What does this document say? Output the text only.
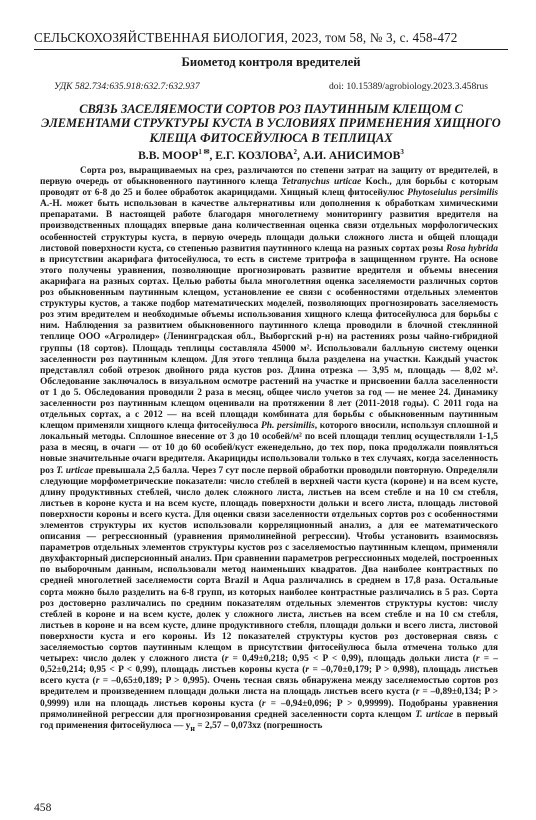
СЕЛЬСКОХОЗЯЙСТВЕННАЯ БИОЛОГИЯ, 2023, том 58, № 3, с. 458-472
Биометод контроля вредителей
УДК 582.734:635.918:632.7:632.937	doi: 10.15389/agrobiology.2023.3.458rus
СВЯЗЬ ЗАСЕЛЯЕМОСТИ СОРТОВ РОЗ ПАУТИННЫМ КЛЕЩОМ С ЭЛЕМЕНТАМИ СТРУКТУРЫ КУСТА В УСЛОВИЯХ ПРИМЕНЕНИЯ ХИЩНОГО КЛЕЩА ФИТОСЕЙУЛЮСА В ТЕПЛИЦАХ
В.В. $МООР^{1 ✉}$, Е.Г. КОЗЛОВА$^2$, А.И. АНИСИМОВ$^3$

Сорта роз, выращиваемых на срез, различаются по степени затрат на защиту от вредителей, в первую очередь от обыкновенного паутинного клеща Tetranychus urticae Koch., для борьбы с которым проводят от 6-8 до 25 и более обработок акарицидами. Хищный клещ фитосейулюс Phytoseiulus persimilis A.-H. может быть использован в качестве альтернативы или дополнения к обработкам химическими препаратами. В настоящей работе благодаря многолетнему мониторингу развития вредителя на производственных площадях впервые дана количественная оценка связи отдельных морфологических особенностей структуры куста, в первую очередь площади дольки сложного листа и общей площади листовой поверхности куста, со степенью развития паутинного клеща на разных сортах розы Rosa hybrida в присутствии акарифага фитосейулюса, то есть в системе тритрофа в защищенном грунте. На основе этого получены уравнения, позволяющие прогнозировать развитие вредителя и объемы внесения акарифага на разных сортах. Целью работы была многолетняя оценка заселяемости различных сортов роз обыкновенным паутинным клещом, установление ее связи с особенностями отдельных элементов структуры кустов, а также подбор математических моделей, позволяющих прогнозировать заселяемость роз этим вредителем и необходимые объемы использования хищного клеща фитосейулюса для борьбы с ним. Наблюдения за развитием обыкновенного паутинного клеща проводили в блочной стеклянной теплице ООО «Агролидер» (Ленинградская обл., Выборгский р-н) на растениях розы чайно-гибридной группы (18 сортов). Площадь теплицы составляла 45000 м². Использовали балльную систему оценки заселенности роз паутинным клещом. Для этого теплица была разделена на участки. Каждый участок представлял собой отрезок двойного ряда кустов роз. Длина отрезка — 3,95 м, площадь — 8,02 м². Обследование заключалось в визуальном осмотре растений на участке и присвоении балла заселенности от 1 до 5. Обследования проводили 2 раза в месяц, общее число учетов за год — не менее 24. Динамику заселенности роз паутинным клещом оценивали на протяжении 8 лет (2011-2018 годы). С 2011 года на отдельных сортах, а с 2012 — на всей площади комбината для борьбы с обыкновенным паутинным клещом применяли хищного клеща фитосейулюса Ph. persimilis, которого вносили, используя сплошной и локальный методы. Сплошное внесение от 3 до 10 особей/м² по всей площади теплиц осуществляли 1-1,5 раза в месяц, в очаги — от 10 до 60 особей/куст еженедельно, до тех пор, пока продолжали появляться новые значительные очаги вредителя. Акарициды использовали только в тех случаях, когда заселенность роз T. urticae превышала 2,5 балла. Через 7 сут после первой обработки проводили повторную. Определяли следующие морфометрические показатели: число стеблей в верхней части куста (короне) и на всем кусте, длину продуктивных стеблей, число долек сложного листа, листьев на всем стебле и на 10 см стебля, листьев в короне куста и на всем кусте, площадь поверхности дольки и всего листа, площадь листовой поверхности короны и всего куста. Для оценки связи заселенности отдельных сортов роз с особенностями элементов структуры их кустов использовали корреляционный анализ, а для ее математического описания — регрессионный (уравнения прямолинейной регрессии). Чтобы установить взаимосвязь параметров отдельных элементов структуры кустов роз с заселяемостью паутинным клещом, применяли двухфакторный дисперсионный анализ. При сравнении параметров регрессионных моделей, построенных по выборочным данным, использовали метод наименьших квадратов. Два наиболее контрастных по средней многолетней заселяемости сорта Brazil и Aqua различались в среднем в 17,8 раза. Остальные сорта можно было разделить на 6-8 групп, из которых наиболее контрастные различались в 5 раз. Сорта роз достоверно различались по средним показателям отдельных элементов структуры кустов: числу стеблей в короне и на всем кусте, долек у сложного листа, листьев на всем стебле и на 10 см стебля, листьев в короне и на всем кусте, длине продуктивного стебля, площади дольки и всего листа, листовой поверхности куста и его короны. Из 12 показателей структуры кустов роз достоверная связь с заселяемостью сортов паутинным клещом в присутствии фитосейулюса была отмечена только для четырех: число долек у сложного листа (r = 0,49±0,218; 0,95 < P < 0,99), площадь дольки листа (r = –0,52±0,214; 0,95 < P < 0,99), площадь листьев короны куста (r = –0,70±0,179; P > 0,998), площадь листьев всего куста (r = –0,65±0,189; P > 0,995). Очень тесная связь обнаружена между заселяемостью сортов роз вредителем и произведением площади дольки листа на площадь листьев всего куста (r = –0,89±0,134; P > 0,9999) или на площадь листьев короны куста (r = –0,94±0,096; P > 0,99999). Подобраны уравнения прямолинейной регрессии для прогнозирования средней заселенности сорта клещом T. urticae в первый год применения фитосейулюса — $y_н = 2,57 - 0,073xz$ (погрешность

458
